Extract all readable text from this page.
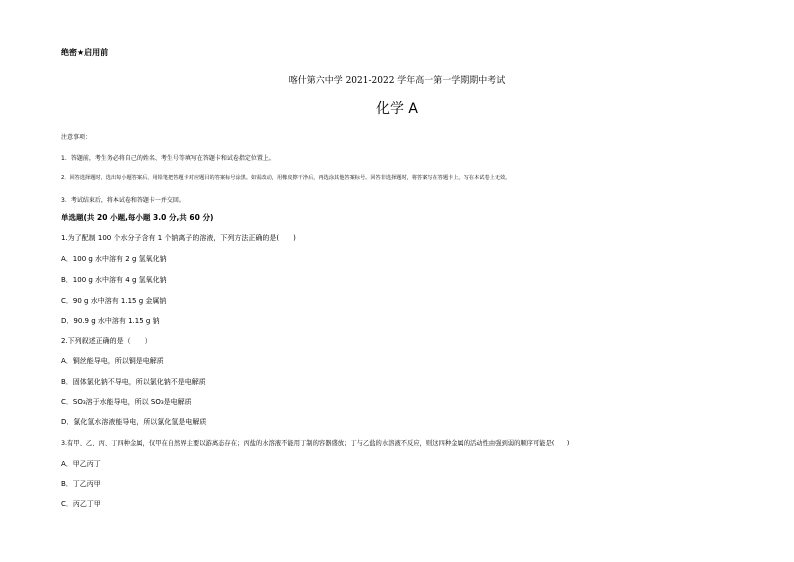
绝密★启用前
喀什第六中学 2021-2022 学年高一第一学期期中考试
化学 A
注意事项：
1．答题前，考生务必将自己的姓名、考生号等填写在答题卡和试卷指定位置上。
2．回答选择题时，选出每小题答案后，用铅笔把答题卡对应题目的答案标号涂黑。如需改动，用橡皮擦干净后，再选涂其他答案标号。回答非选择题时，将答案写在答题卡上。写在本试卷上无效。
3．考试结束后，将本试卷和答题卡一并交回。
单选题(共 20 小题,每小题 3.0 分,共 60 分)
1.为了配制 100 个水分子含有 1 个钠离子的溶液，下列方法正确的是(　　)
A．100 g 水中溶有 2 g 氢氧化钠
B．100 g 水中溶有 4 g 氢氧化钠
C．90 g 水中溶有 1.15 g 金属钠
D．90.9 g 水中溶有 1.15 g 钠
2.下列叙述正确的是（　　）
A．铜丝能导电，所以铜是电解质
B．固体氯化钠不导电，所以氯化钠不是电解质
C．SO₃溶于水能导电，所以 SO₃是电解质
D．氯化氢水溶液能导电，所以氯化氢是电解质
3.有甲、乙、丙、丁四种金属，仅甲在自然界主要以游离态存在；丙盐的水溶液不能用丁制的容器盛放；丁与乙盐的水溶液不反应，则这四种金属的活动性由强到弱的顺序可能是(　　)
A．甲乙丙丁
B．丁乙丙甲
C．丙乙丁甲
